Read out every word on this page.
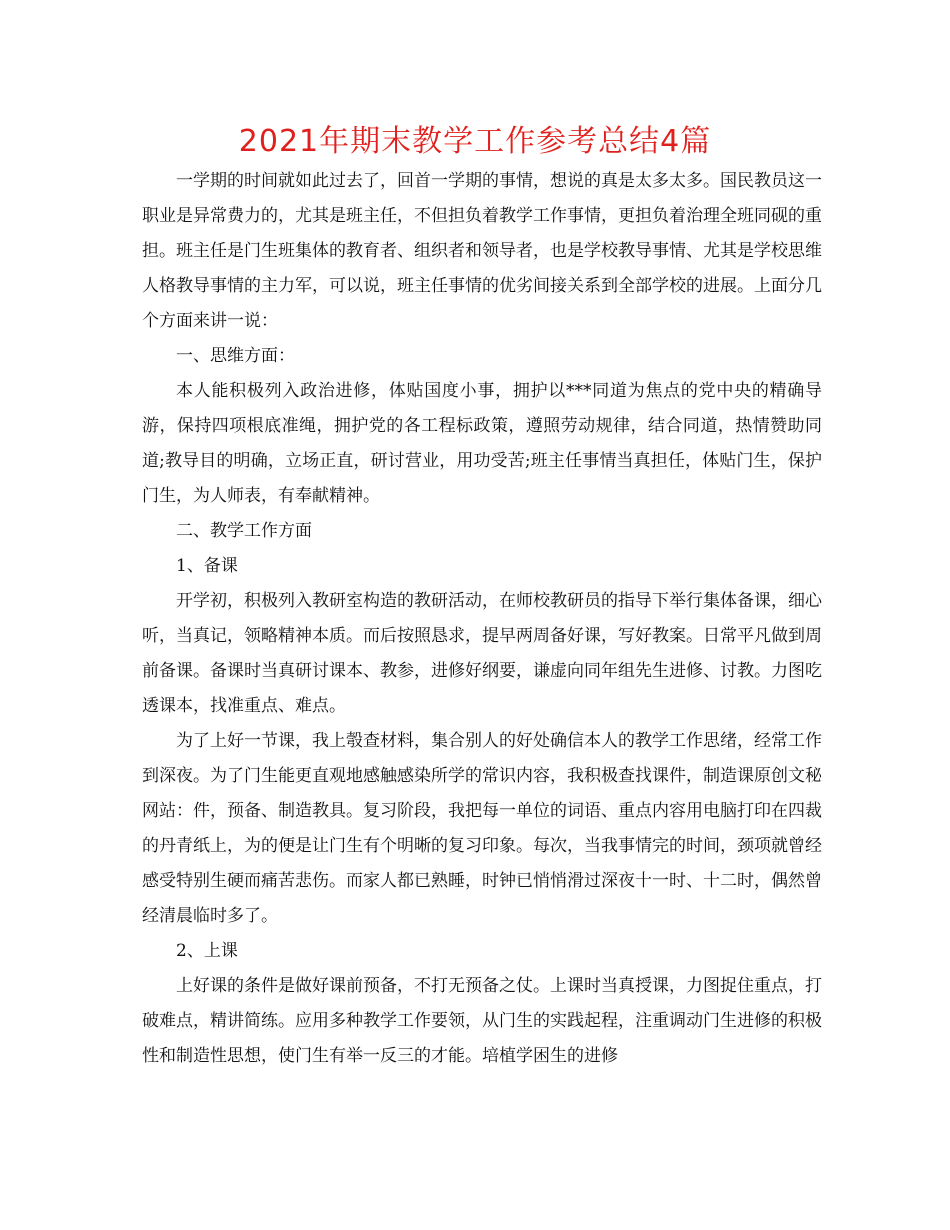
2021年期末教学工作参考总结4篇

一学期的时间就如此过去了，回首一学期的事情，想说的真是太多太多。国民教员这一职业是异常费力的，尤其是班主任，不但担负着教学工作事情，更担负着治理全班同砚的重担。班主任是门生班集体的教育者、组织者和领导者，也是学校教导事情、尤其是学校思维人格教导事情的主力军，可以说，班主任事情的优劣间接关系到全部学校的进展。上面分几个方面来讲一说：

一、思维方面：

本人能积极列入政治进修，体贴国度小事，拥护以***同道为焦点的党中央的精确导游，保持四项根底准绳，拥护党的各工程标政策，遵照劳动规律，结合同道，热情赞助同道;教导目的明确，立场正直，研讨营业，用功受苦;班主任事情当真担任，体贴门生，保护门生，为人师表，有奉献精神。

二、教学工作方面

1、备课

开学初，积极列入教研室构造的教研活动，在师校教研员的指导下举行集体备课，细心听，当真记，领略精神本质。而后按照恳求，提早两周备好课，写好教案。日常平凡做到周前备课。备课时当真研讨课本、教参，进修好纲要，谦虚向同年组先生进修、讨教。力图吃透课本，找准重点、难点。

为了上好一节课，我上彀查材料，集合别人的好处确信本人的教学工作思绪，经常工作到深夜。为了门生能更直观地感触感染所学的常识内容，我积极查找课件，制造课原创文秘网站：件，预备、制造教具。复习阶段，我把每一单位的词语、重点内容用电脑打印在四裁的丹青纸上，为的便是让门生有个明晰的复习印象。每次，当我事情完的时间，颈项就曾经感受特别生硬而痛苦悲伤。而家人都已熟睡，时钟已悄悄滑过深夜十一时、十二时，偶然曾经清晨临时多了。

2、上课

上好课的条件是做好课前预备，不打无预备之仗。上课时当真授课，力图捉住重点，打破难点，精讲简练。应用多种教学工作要领，从门生的实践起程，注重调动门生进修的积极性和制造性思想，使门生有举一反三的才能。培植学困生的进修
